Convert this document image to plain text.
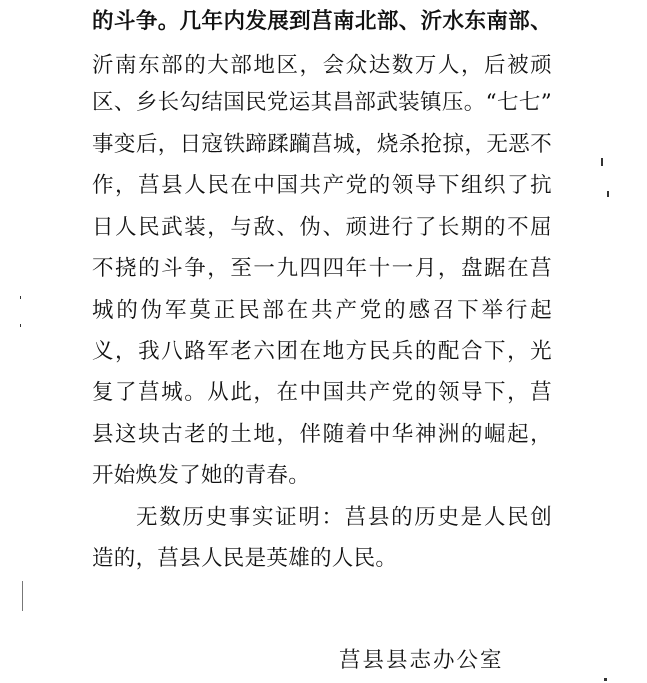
的斗争。几年内发展到莒南北部、沂水东南部、
沂南东部的大部地区，会众达数万人，后被顽
区、乡长勾结国民党运其昌部武装镇压。“七七”
事变后，日寇铁蹄蹂躏莒城，烧杀抢掠，无恶不
作，莒县人民在中国共产党的领导下组织了抗
日人民武装，与敌、伪、顽进行了长期的不屈
不挠的斗争，至一九四四年十一月，盘踞在莒
城的伪军莫正民部在共产党的感召下举行起
义，我八路军老六团在地方民兵的配合下，光
复了莒城。从此，在中国共产党的领导下，莒
县这块古老的土地，伴随着中华神洲的崛起，
开始焕发了她的青春。
无数历史事实证明：莒县的历史是人民创
造的，莒县人民是英雄的人民。
莒县县志办公室
